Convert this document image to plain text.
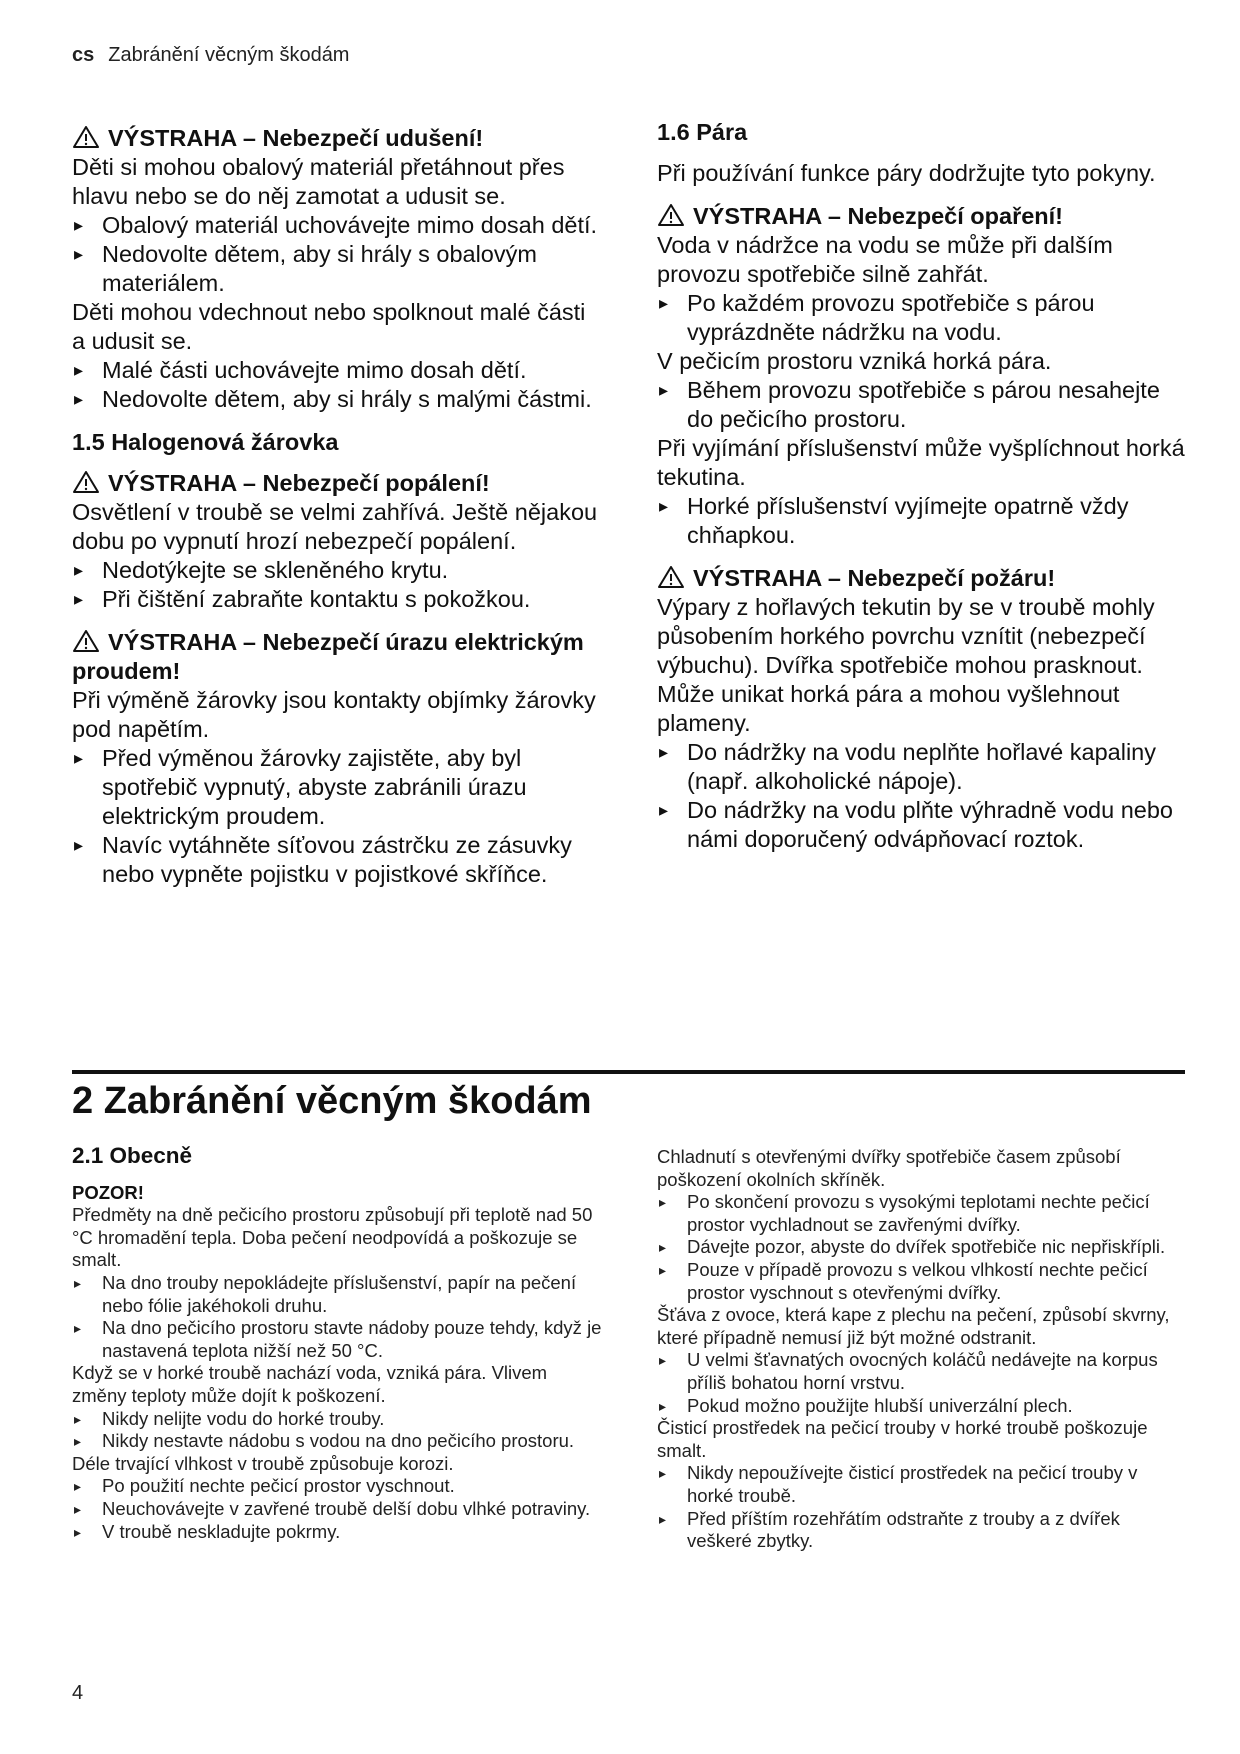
cs Zabránění věcným škodám

VÝSTRAHA – Nebezpečí udušení!

Děti si mohou obalový materiál přetáhnout přes hlavu nebo se do něj zamotat a udusit se.

▸ Obalový materiál uchovávejte mimo dosah dětí.
▸ Nedovolte dětem, aby si hrály s obalovým materiálem.

Děti mohou vdechnout nebo spolknout malé části a udusit se.

▸ Malé části uchovávejte mimo dosah dětí.
▸ Nedovolte dětem, aby si hrály s malými částmi.

1.5 Halogenová žárovka

VÝSTRAHA – Nebezpečí popálení!

Osvětlení v troubě se velmi zahřívá. Ještě nějakou dobu po vypnutí hrozí nebezpečí popálení.

▸ Nedotýkejte se skleněného krytu.
▸ Při čištění zabraňte kontaktu s pokožkou.

VÝSTRAHA – Nebezpečí úrazu elektrickým proudem!

Při výměně žárovky jsou kontakty objímky žárovky pod napětím.

▸ Před výměnou žárovky zajistěte, aby byl spotřebič vypnutý, abyste zabránili úrazu elektrickým proudem.
▸ Navíc vytáhněte síťovou zástrčku ze zásuvky nebo vypněte pojistku v pojistkové skříňce.

1.6 Pára

Při používání funkce páry dodržujte tyto pokyny.

VÝSTRAHA – Nebezpečí opaření!

Voda v nádržce na vodu se může při dalším provozu spotřebiče silně zahřát.

▸ Po každém provozu spotřebiče s párou vyprázdněte nádržku na vodu.

V pečicím prostoru vzniká horká pára.

▸ Během provozu spotřebiče s párou nesahejte do pečicího prostoru.

Při vyjímání příslušenství může vyšplíchnout horká tekutina.

▸ Horké příslušenství vyjímejte opatrně vždy chňapkou.

VÝSTRAHA – Nebezpečí požáru!

Výpary z hořlavých tekutin by se v troubě mohly působením horkého povrchu vznítit (nebezpečí výbuchu). Dvířka spotřebiče mohou prasknout. Může unikat horká pára a mohou vyšlehnout plameny.

▸ Do nádržky na vodu neplňte hořlavé kapaliny (např. alkoholické nápoje).
▸ Do nádržky na vodu plňte výhradně vodu nebo námi doporučený odvápňovací roztok.
2 Zabránění věcným škodám

2.1 Obecně

POZOR!

Předměty na dně pečicího prostoru způsobují při teplotě nad 50 °C hromadění tepla. Doba pečení neodpovídá a poškozuje se smalt.

▸ Na dno trouby nepokládejte příslušenství, papír na pečení nebo fólie jakéhokoli druhu.
▸ Na dno pečicího prostoru stavte nádoby pouze tehdy, když je nastavená teplota nižší než 50 °C.

Když se v horké troubě nachází voda, vzniká pára. Vlivem změny teploty může dojít k poškození.

▸ Nikdy nelijte vodu do horké trouby.
▸ Nikdy nestavte nádobu s vodou na dno pečicího prostoru.

Déle trvající vlhkost v troubě způsobuje korozi.

▸ Po použití nechte pečicí prostor vyschnout.
▸ Neuchovávejte v zavřené troubě delší dobu vlhké potraviny.
▸ V troubě neskladujte pokrmy.

Chladnutí s otevřenými dvířky spotřebiče časem způsobí poškození okolních skříněk.

▸ Po skončení provozu s vysokými teplotami nechte pečicí prostor vychladnout se zavřenými dvířky.
▸ Dávejte pozor, abyste do dvířek spotřebiče nic nepřiskřípli.
▸ Pouze v případě provozu s velkou vlhkostí nechte pečicí prostor vyschnout s otevřenými dvířky.

Šťáva z ovoce, která kape z plechu na pečení, způsobí skvrny, které případně nemusí již být možné odstranit.

▸ U velmi šťavnatých ovocných koláčů nedávejte na korpus příliš bohatou horní vrstvu.
▸ Pokud možno použijte hlubší univerzální plech.

Čisticí prostředek na pečicí trouby v horké troubě poškozuje smalt.

▸ Nikdy nepoužívejte čisticí prostředek na pečicí trouby v horké troubě.
▸ Před příštím rozehřátím odstraňte z trouby a z dvířek veškeré zbytky.
4
